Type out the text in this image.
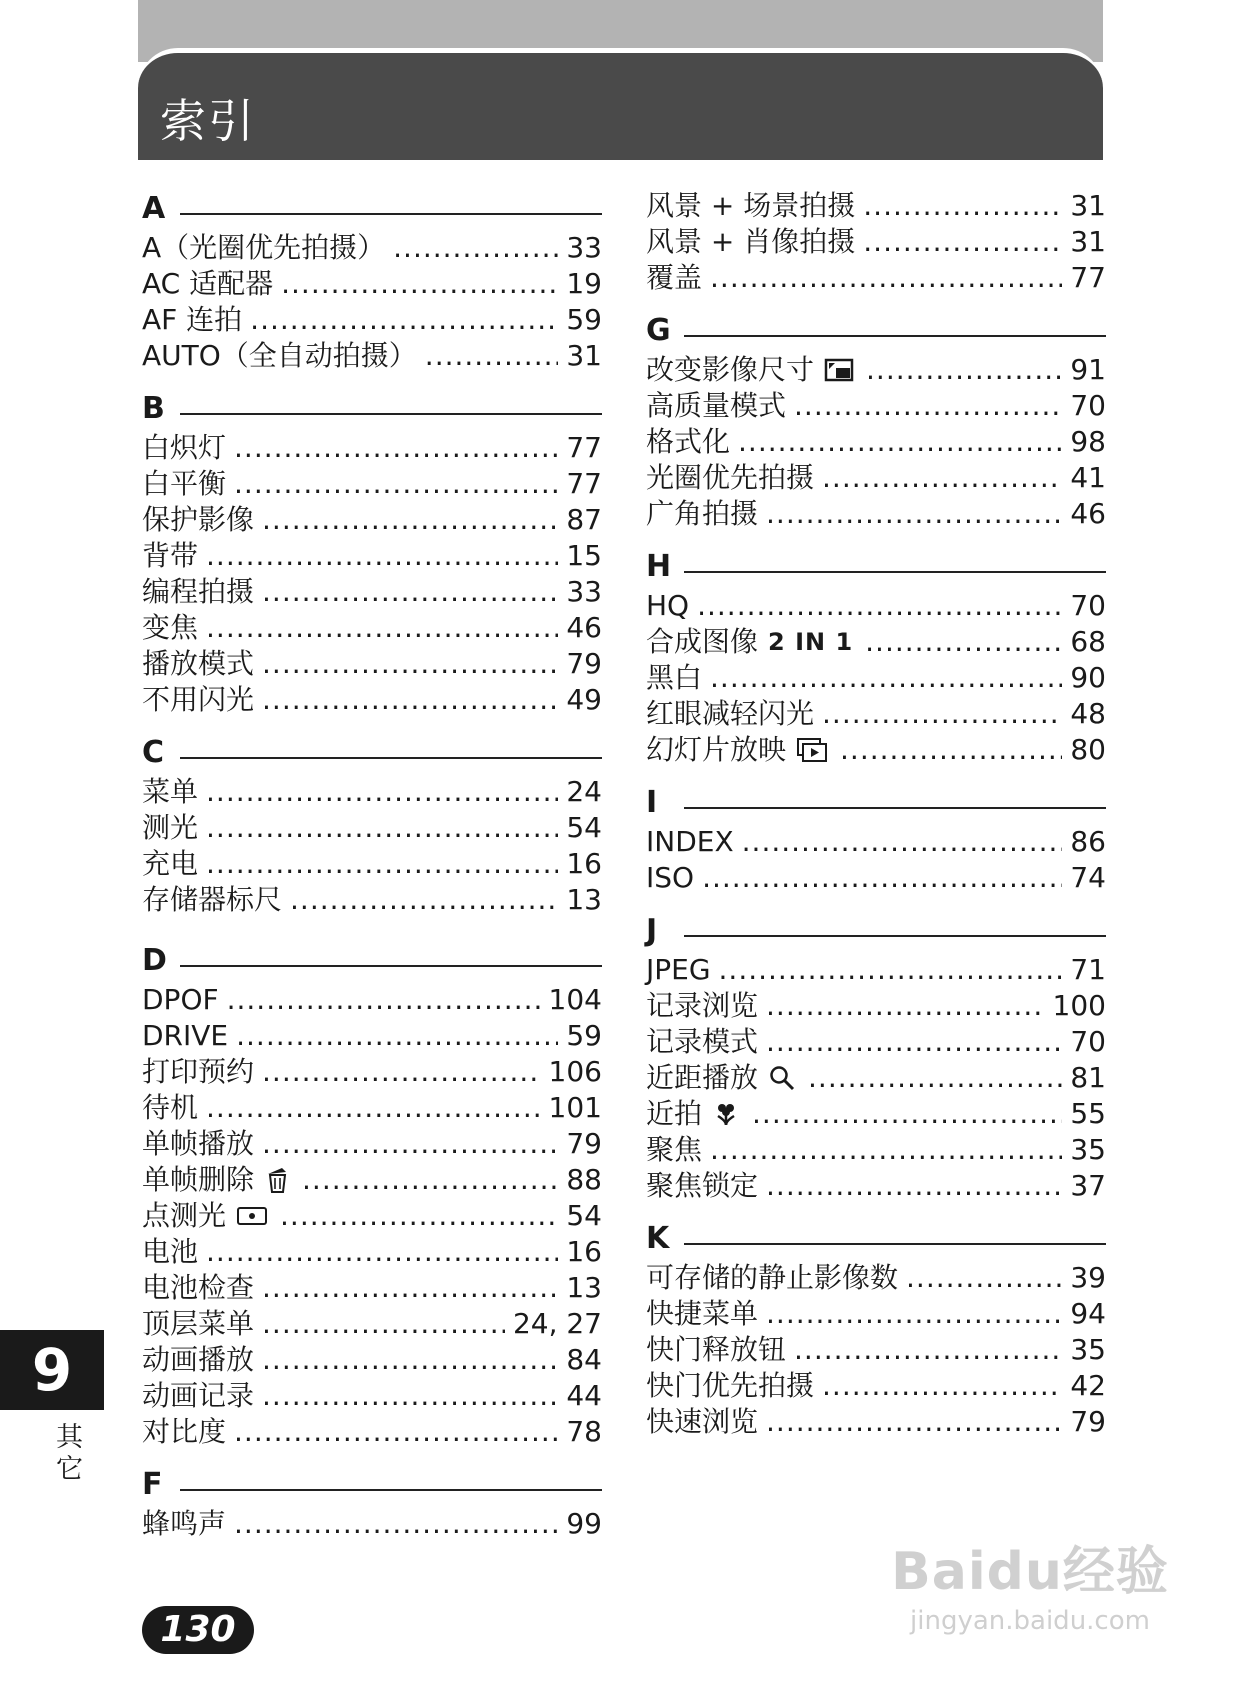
索引
A
A（光圈优先拍摄） .....	33
AC 适配器 .....	19
AF 连拍 .....	59
AUTO（全自动拍摄） .....	31
B
白炽灯 .....	77
白平衡 .....	77
保护影像 .....	87
背带 .....	15
编程拍摄 .....	33
变焦 .....	46
播放模式 .....	79
不用闪光 .....	49
C
菜单 .....	24
测光 .....	54
充电 .....	16
存储器标尺 .....	13
D
DPOF .....	104
DRIVE .....	59
打印预约 .....	106
待机 .....	101
单帧播放 .....	79
单帧删除 .....	88
点测光 .....	54
电池 .....	16
电池检查 .....	13
顶层菜单 .....	24, 27
动画播放 .....	84
动画记录 .....	44
对比度 .....	78
F
蜂鸣声 .....	99
风景 + 场景拍摄 .....	31
风景 + 肖像拍摄 .....	31
覆盖 .....	77
G
改变影像尺寸 .....	91
高质量模式 .....	70
格式化 .....	98
光圈优先拍摄 .....	41
广角拍摄 .....	46
H
HQ .....	70
合成图像 2 IN 1 .....	68
黑白 .....	90
红眼减轻闪光 .....	48
幻灯片放映 .....	80
I
INDEX .....	86
ISO .....	74
J
JPEG .....	71
记录浏览 .....	100
记录模式 .....	70
近距播放 .....	81
近拍 .....	55
聚焦 .....	35
聚焦锁定 .....	37
K
可存储的静止影像数 .....	39
快捷菜单 .....	94
快门释放钮 .....	35
快门优先拍摄 .....	42
快速浏览 .....	79
9
其它
130
Baidu经验
jingyan.baidu.com
